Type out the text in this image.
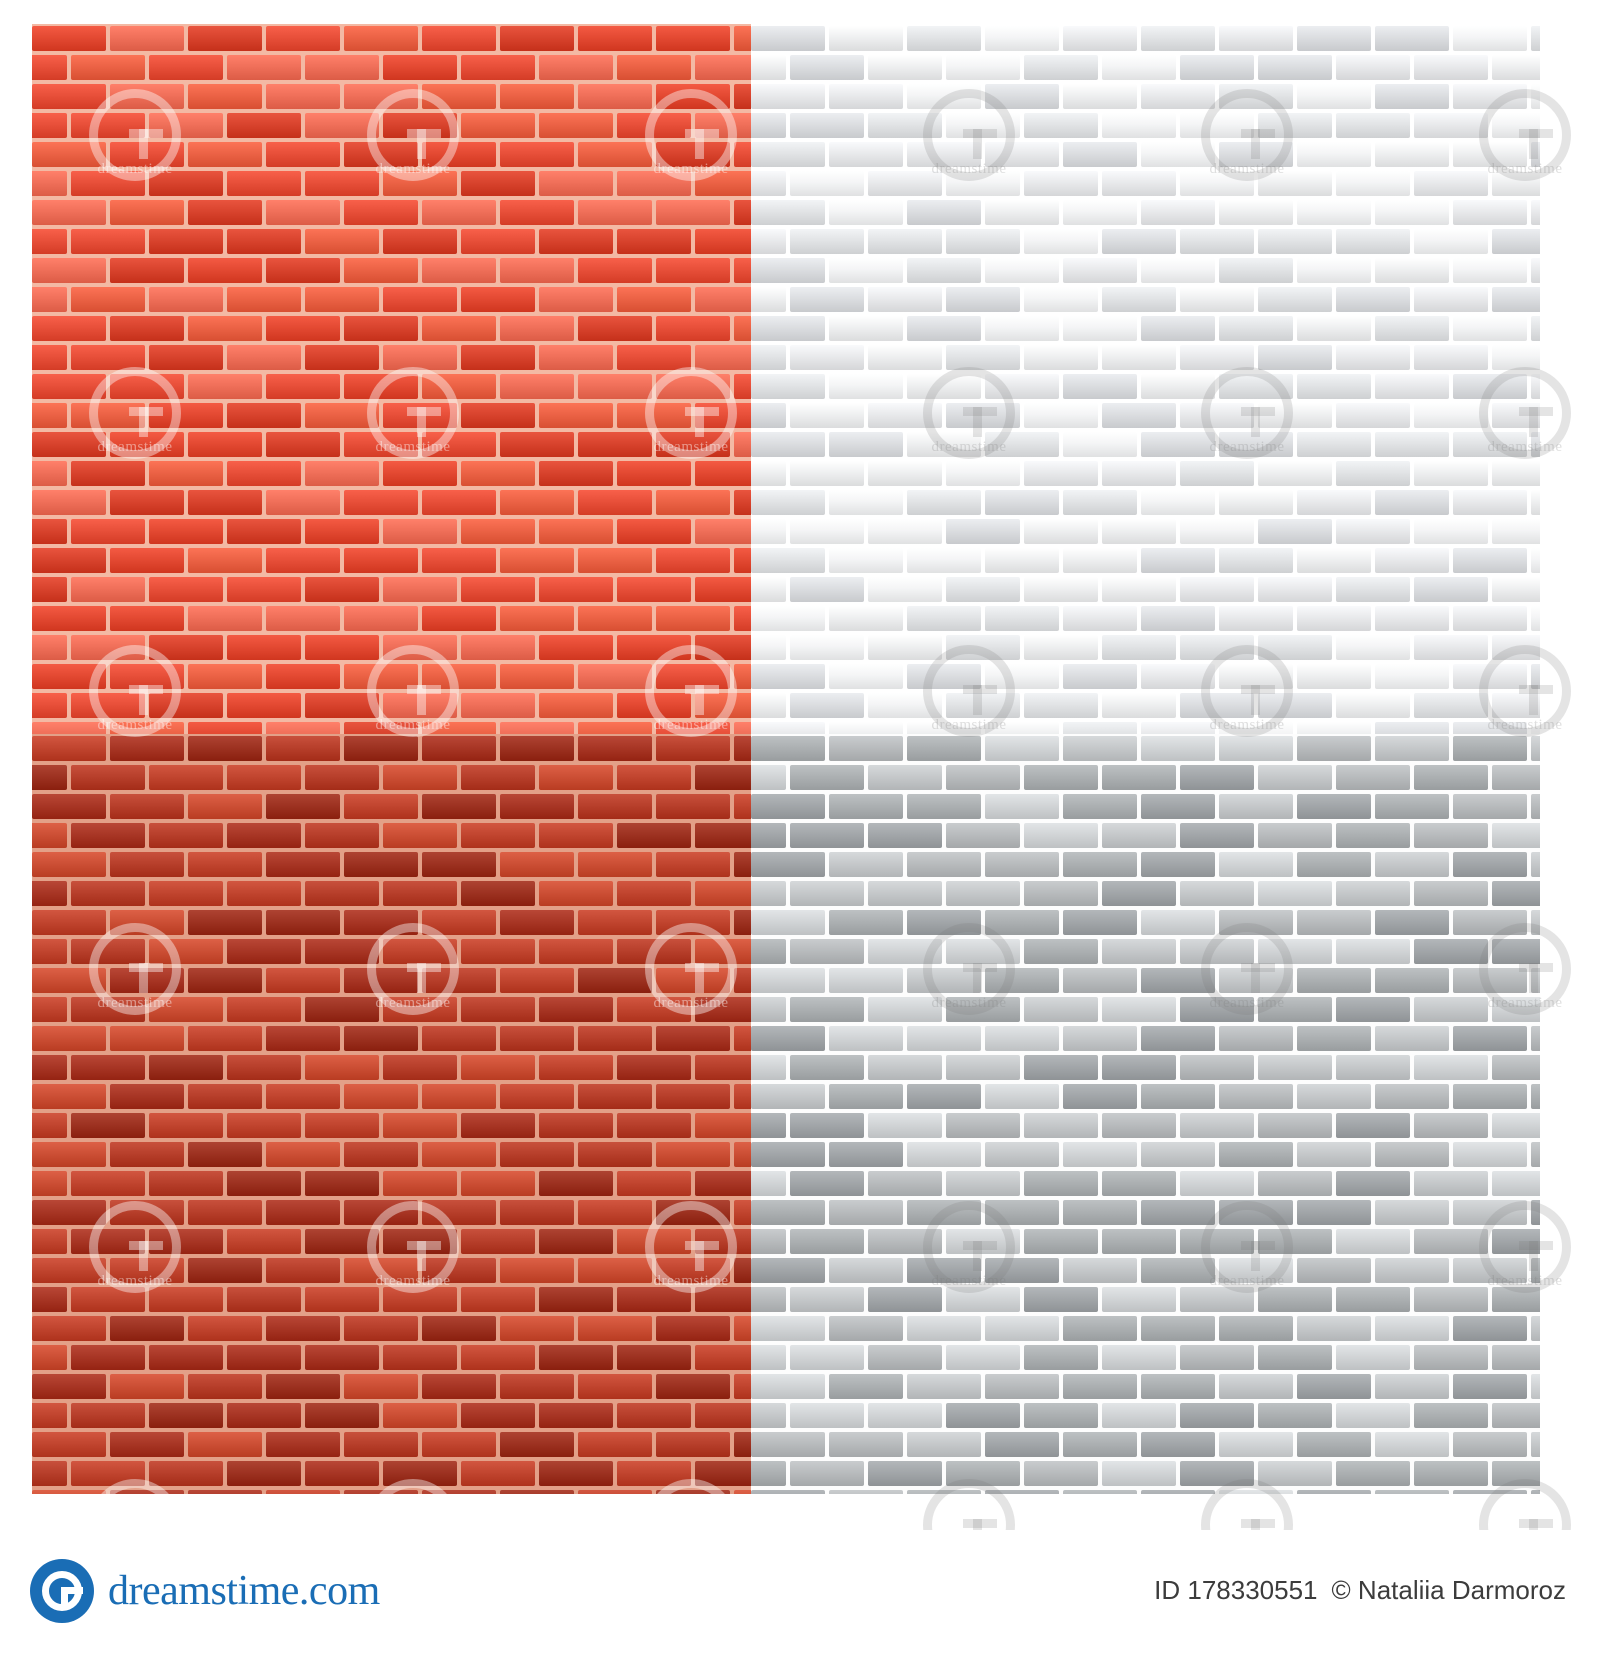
dreamstime	dreamstime	dreamstime	dreamstime	dreamstime	dreamstime
dreamstime	dreamstime	dreamstime	dreamstime	dreamstime	dreamstime
dreamstime	dreamstime	dreamstime	dreamstime	dreamstime	dreamstime
dreamstime	dreamstime	dreamstime	dreamstime	dreamstime	dreamstime
dreamstime	dreamstime	dreamstime	dreamstime	dreamstime	dreamstime
dreamstime.com	ID 178330551 © Nataliia Darmoroz
